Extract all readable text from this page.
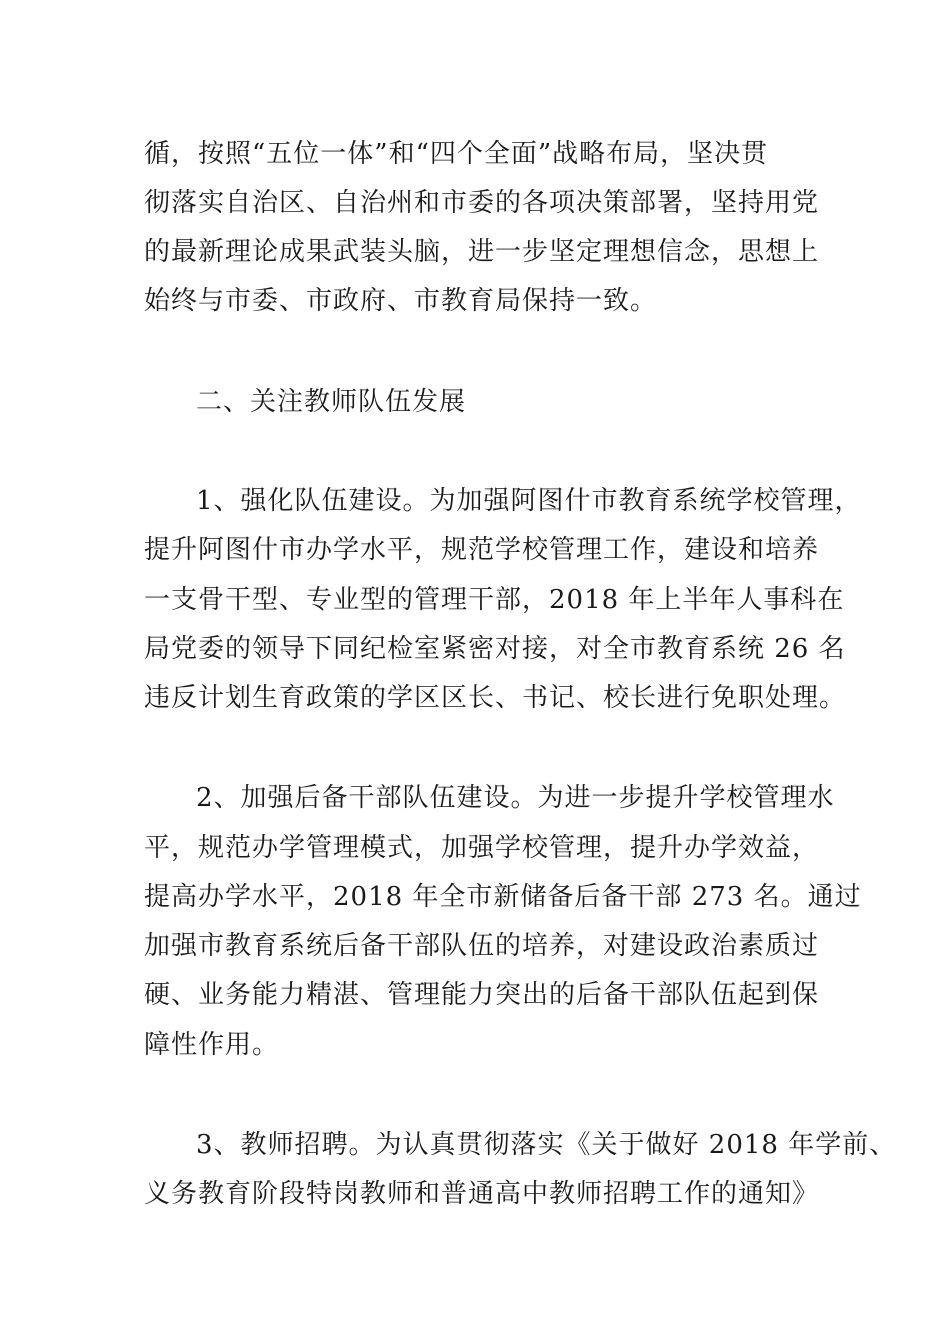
循，按照“五位一体”和“四个全面”战略布局，坚决贯
彻落实自治区、自治州和市委的各项决策部署，坚持用党
的最新理论成果武装头脑，进一步坚定理想信念，思想上
始终与市委、市政府、市教育局保持一致。
二、关注教师队伍发展
1、强化队伍建设。为加强阿图什市教育系统学校管理，
提升阿图什市办学水平，规范学校管理工作，建设和培养
一支骨干型、专业型的管理干部，2018 年上半年人事科在
局党委的领导下同纪检室紧密对接，对全市教育系统 26 名
违反计划生育政策的学区区长、书记、校长进行免职处理。
2、加强后备干部队伍建设。为进一步提升学校管理水
平，规范办学管理模式，加强学校管理，提升办学效益，
提高办学水平，2018 年全市新储备后备干部 273 名。通过
加强市教育系统后备干部队伍的培养，对建设政治素质过
硬、业务能力精湛、管理能力突出的后备干部队伍起到保
障性作用。
3、教师招聘。为认真贯彻落实《关于做好 2018 年学前、
义务教育阶段特岗教师和普通高中教师招聘工作的通知》
